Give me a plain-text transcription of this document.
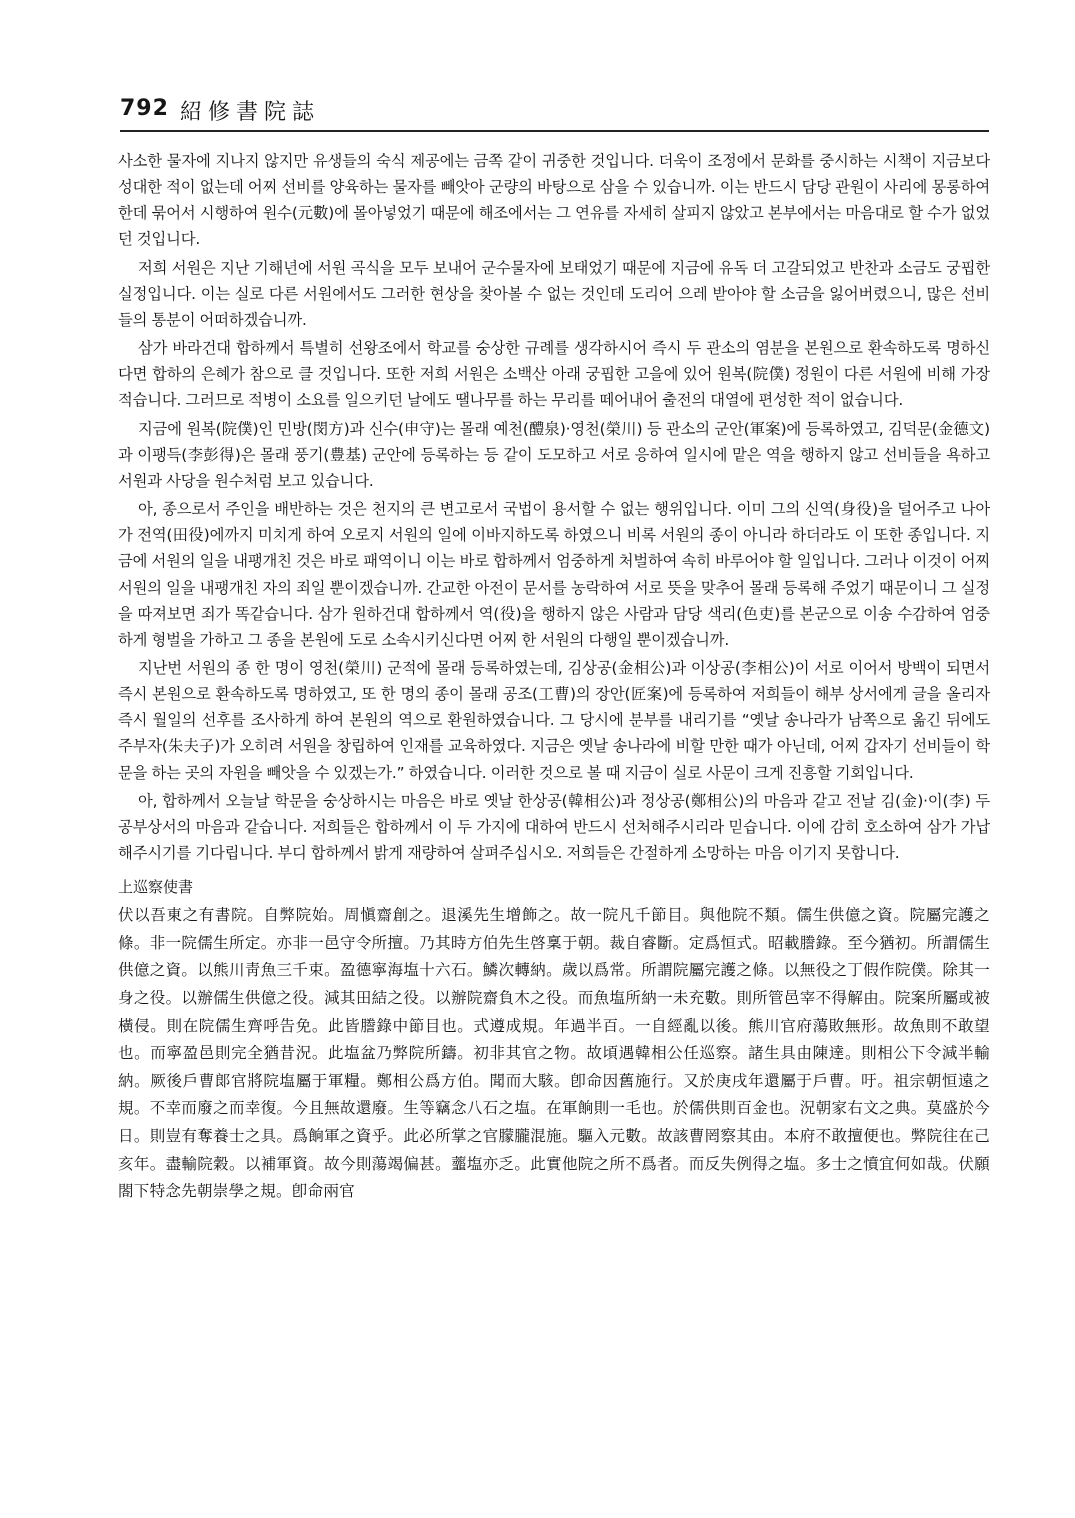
792 紹修書院誌

사소한 물자에 지나지 않지만 유생들의 숙식 제공에는 금쪽 같이 귀중한 것입니다. 더욱이 조정에서 문화를 중시하는 시책이 지금보다 성대한 적이 없는데 어찌 선비를 양육하는 물자를 빼앗아 군량의 바탕으로 삼을 수 있습니까. 이는 반드시 담당 관원이 사리에 몽롱하여 한데 묶어서 시행하여 원수(元數)에 몰아넣었기 때문에 해조에서는 그 연유를 자세히 살피지 않았고 본부에서는 마음대로 할 수가 없었던 것입니다.

저희 서원은 지난 기해년에 서원 곡식을 모두 보내어 군수물자에 보태었기 때문에 지금에 유독 더 고갈되었고 반찬과 소금도 궁핍한 실정입니다. 이는 실로 다른 서원에서도 그러한 현상을 찾아볼 수 없는 것인데 도리어 으레 받아야 할 소금을 잃어버렸으니, 많은 선비들의 통분이 어떠하겠습니까.

삼가 바라건대 합하께서 특별히 선왕조에서 학교를 숭상한 규례를 생각하시어 즉시 두 관소의 염분을 본원으로 환속하도록 명하신다면 합하의 은혜가 참으로 클 것입니다. 또한 저희 서원은 소백산 아래 궁핍한 고을에 있어 원복(院僕) 정원이 다른 서원에 비해 가장 적습니다. 그러므로 적병이 소요를 일으키던 날에도 땔나무를 하는 무리를 떼어내어 출전의 대열에 편성한 적이 없습니다.

지금에 원복(院僕)인 민방(閔方)과 신수(申守)는 몰래 예천(醴泉)·영천(榮川) 등 관소의 군안(軍案)에 등록하였고, 김덕문(金德文)과 이팽득(李彭得)은 몰래 풍기(豊基) 군안에 등록하는 등 같이 도모하고 서로 응하여 일시에 맡은 역을 행하지 않고 선비들을 욕하고 서원과 사당을 원수처럼 보고 있습니다.

아, 종으로서 주인을 배반하는 것은 천지의 큰 변고로서 국법이 용서할 수 없는 행위입니다. 이미 그의 신역(身役)을 덜어주고 나아가 전역(田役)에까지 미치게 하여 오로지 서원의 일에 이바지하도록 하였으니 비록 서원의 종이 아니라 하더라도 이 또한 종입니다. 지금에 서원의 일을 내팽개친 것은 바로 패역이니 이는 바로 합하께서 엄중하게 처벌하여 속히 바루어야 할 일입니다. 그러나 이것이 어찌 서원의 일을 내팽개친 자의 죄일 뿐이겠습니까. 간교한 아전이 문서를 농락하여 서로 뜻을 맞추어 몰래 등록해 주었기 때문이니 그 실정을 따져보면 죄가 똑같습니다. 삼가 원하건대 합하께서 역(役)을 행하지 않은 사람과 담당 색리(色吏)를 본군으로 이송 수감하여 엄중하게 형벌을 가하고 그 종을 본원에 도로 소속시키신다면 어찌 한 서원의 다행일 뿐이겠습니까.

지난번 서원의 종 한 명이 영천(榮川) 군적에 몰래 등록하였는데, 김상공(金相公)과 이상공(李相公)이 서로 이어서 방백이 되면서 즉시 본원으로 환속하도록 명하였고, 또 한 명의 종이 몰래 공조(工曹)의 장안(匠案)에 등록하여 저희들이 해부 상서에게 글을 올리자 즉시 월일의 선후를 조사하게 하여 본원의 역으로 환원하였습니다. 그 당시에 분부를 내리기를 “옛날 송나라가 남쪽으로 옮긴 뒤에도 주부자(朱夫子)가 오히려 서원을 창립하여 인재를 교육하였다. 지금은 옛날 송나라에 비할 만한 때가 아닌데, 어찌 갑자기 선비들이 학문을 하는 곳의 자원을 빼앗을 수 있겠는가.” 하였습니다. 이러한 것으로 볼 때 지금이 실로 사문이 크게 진흥할 기회입니다.

아, 합하께서 오늘날 학문을 숭상하시는 마음은 바로 옛날 한상공(韓相公)과 정상공(鄭相公)의 마음과 같고 전날 김(金)·이(李) 두 공부상서의 마음과 같습니다. 저희들은 합하께서 이 두 가지에 대하여 반드시 선처해주시리라 믿습니다. 이에 감히 호소하여 삼가 가납해주시기를 기다립니다. 부디 합하께서 밝게 재량하여 살펴주십시오. 저희들은 간절하게 소망하는 마음 이기지 못합니다.

上巡察使書

伏以吾東之有書院。自弊院始。周愼齋創之。退溪先生增飾之。故一院凡千節目。與他院不類。儒生供億之資。院屬完護之條。非一院儒生所定。亦非一邑守令所擅。乃其時方伯先生啓稟于朝。裁自睿斷。定爲恒式。昭載謄錄。至今猶初。所謂儒生供億之資。以熊川靑魚三千束。盈德寧海塩十六石。鱗次轉納。歲以爲常。所謂院屬完護之條。以無役之丁假作院僕。除其一身之役。以辦儒生供億之役。減其田結之役。以辦院齋負木之役。而魚塩所納一未充數。則所管邑宰不得解由。院案所屬或被橫侵。則在院儒生齊呼告免。此皆謄錄中節目也。式遵成規。年過半百。一自經亂以後。熊川官府蕩敗無形。故魚則不敢望也。而寧盈邑則完全猶昔況。此塩盆乃弊院所鑄。初非其官之物。故頃遇韓相公任巡察。諸生具由陳達。則相公下令減半輸納。厥後戶曹郞官將院塩屬于軍糧。鄭相公爲方伯。聞而大駭。卽命因舊施行。又於庚戌年還屬于戶曹。吁。祖宗朝恒遠之規。不幸而廢之而幸復。今且無故還廢。生等竊念八石之塩。在軍餉則一毛也。於儒供則百金也。況朝家右文之典。莫盛於今日。則豈有奪養士之具。爲餉軍之資乎。此必所掌之官朦朧混施。驅入元數。故該曹罔察其由。本府不敢擅便也。弊院往在己亥年。盡輸院穀。以補軍資。故今則蕩竭偏甚。虀塩亦乏。此實他院之所不爲者。而反失例得之塩。多士之憤宜何如哉。伏願閤下特念先朝崇學之規。卽命兩官
